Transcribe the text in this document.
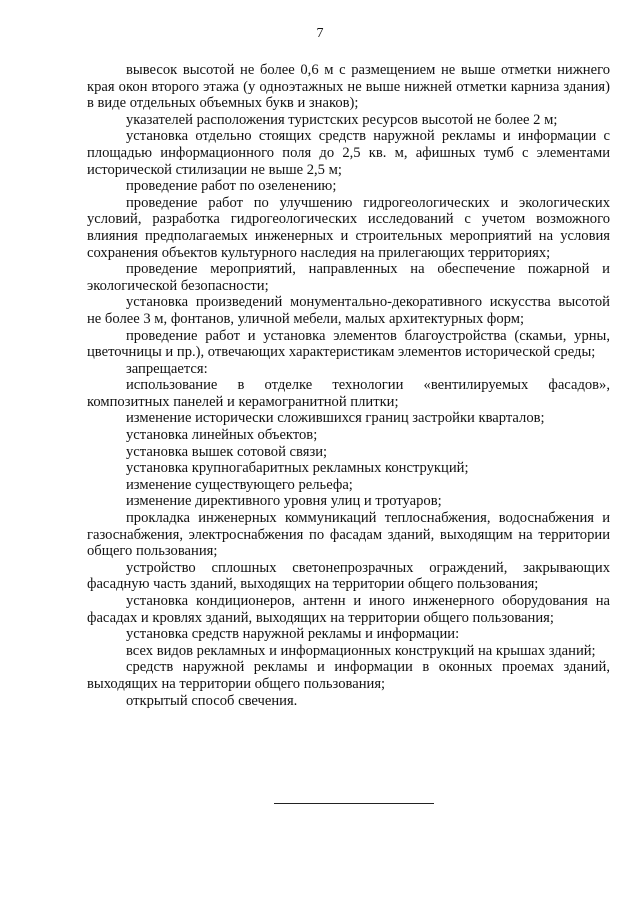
7

вывесок высотой не более 0,6 м с размещением не выше отметки нижнего края окон второго этажа (у одноэтажных не выше нижней отметки карниза здания) в виде отдельных объемных букв и знаков);

указателей расположения туристских ресурсов высотой не более 2 м;

установка отдельно стоящих средств наружной рекламы и информации с площадью информационного поля до 2,5 кв. м, афишных тумб с элементами исторической стилизации не выше 2,5 м;

проведение работ по озеленению;

проведение работ по улучшению гидрогеологических и экологических условий, разработка гидрогеологических исследований с учетом возможного влияния предполагаемых инженерных и строительных мероприятий на условия сохранения объектов культурного наследия на прилегающих территориях;

проведение мероприятий, направленных на обеспечение пожарной и экологической безопасности;

установка произведений монументально-декоративного искусства высотой не более 3 м, фонтанов, уличной мебели, малых архитектурных форм;

проведение работ и установка элементов благоустройства (скамьи, урны, цветочницы и пр.), отвечающих характеристикам элементов исторической среды;

запрещается:

использование в отделке технологии «вентилируемых фасадов», композитных панелей и керамогранитной плитки;

изменение исторически сложившихся границ застройки кварталов;

установка линейных объектов;

установка вышек сотовой связи;

установка крупногабаритных рекламных конструкций;

изменение существующего рельефа;

изменение директивного уровня улиц и тротуаров;

прокладка инженерных коммуникаций теплоснабжения, водоснабжения и газоснабжения, электроснабжения по фасадам зданий, выходящим на территории общего пользования;

устройство сплошных светонепрозрачных ограждений, закрывающих фасадную часть зданий, выходящих на территории общего пользования;

установка кондиционеров, антенн и иного инженерного оборудования на фасадах и кровлях зданий, выходящих на территории общего пользования;

установка средств наружной рекламы и информации:

всех видов рекламных и информационных конструкций на крышах зданий;

средств наружной рекламы и информации в оконных проемах зданий, выходящих на территории общего пользования;

открытый способ свечения.
